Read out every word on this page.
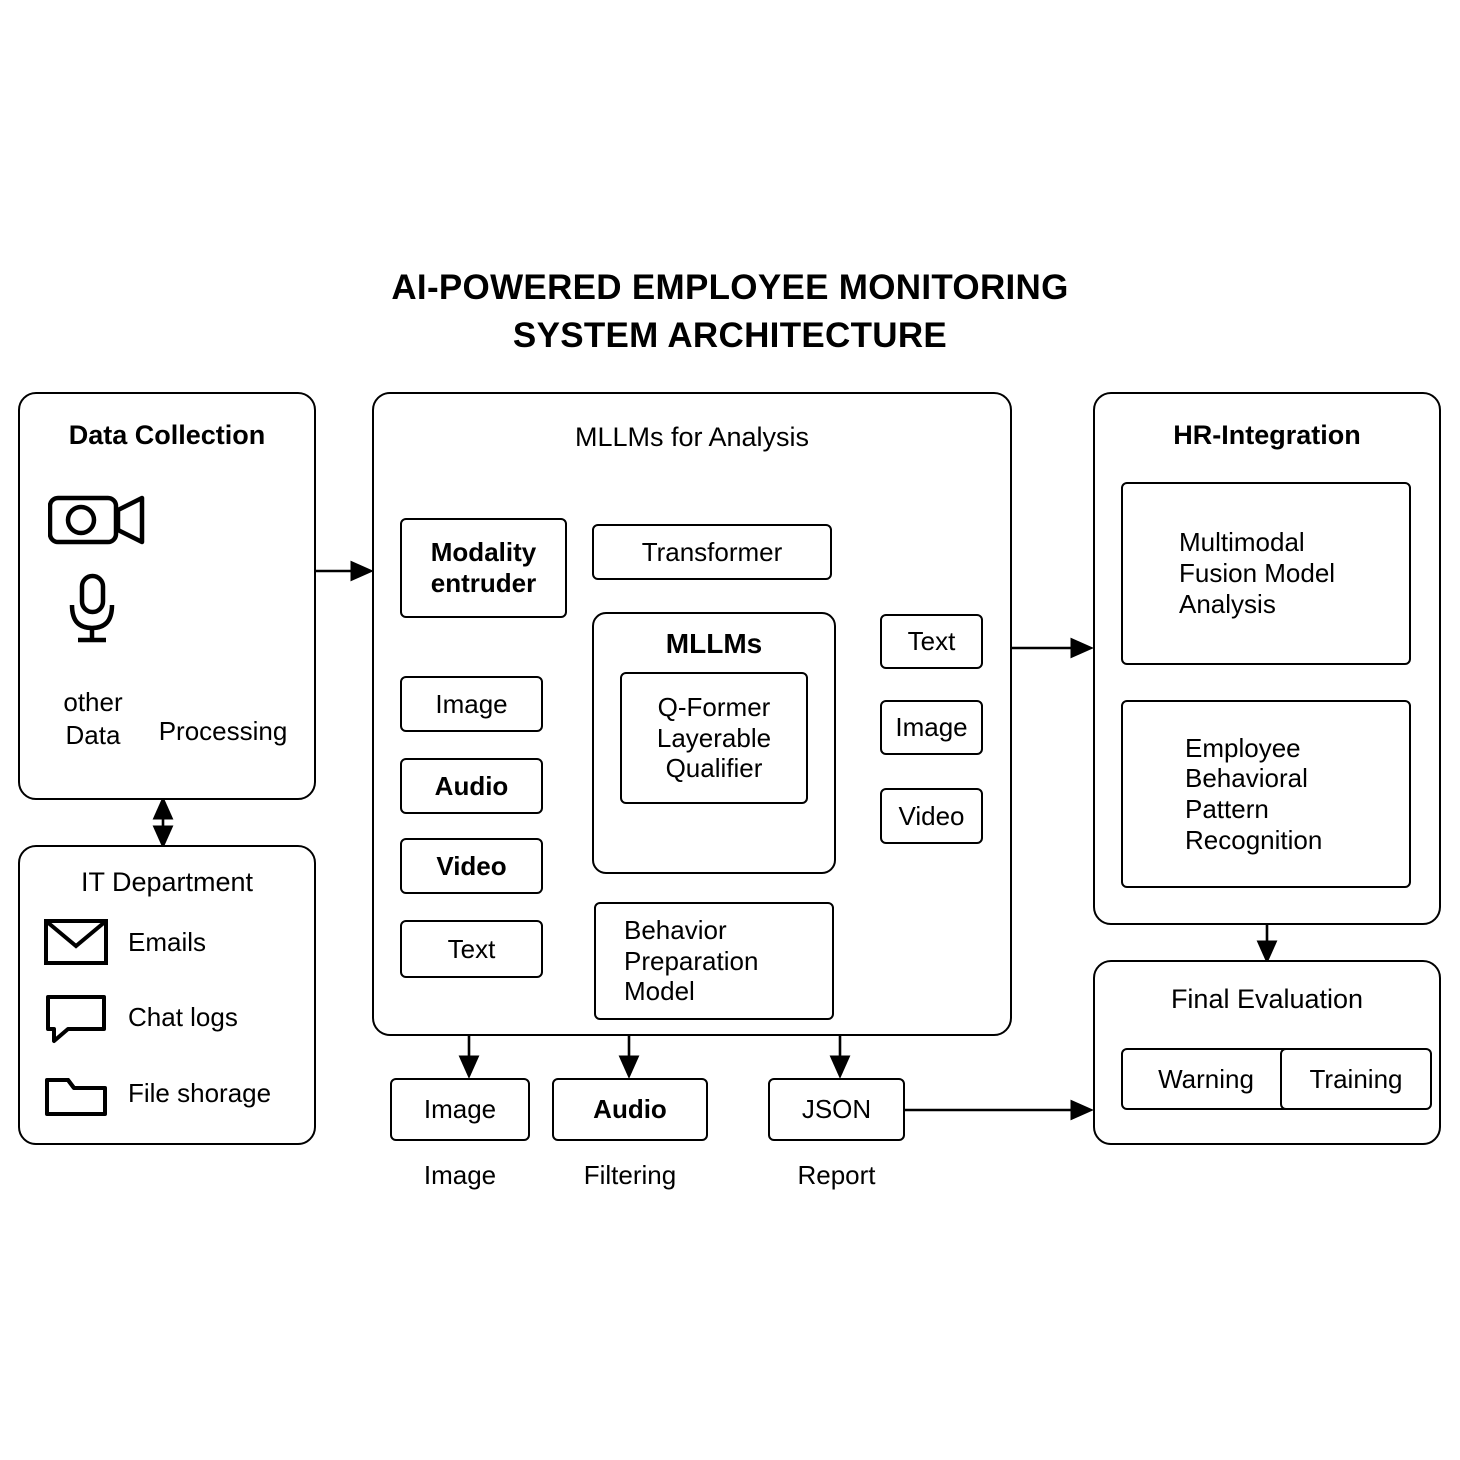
AI-POWERED EMPLOYEE MONITORING
SYSTEM ARCHITECTURE
Data Collection
other
Data	Processing
IT Department
Emails
Chat logs
File shorage
MLLMs for Analysis
Modality
entruder
Transformer
MLLMs
Q-Former
Layerable
Qualifier
Image
Audio
Video
Text
Text
Image
Video
Behavior
Preparation
Model
Image
Image
Audio
Filtering
JSON
Report
HR-Integration
Multimodal
Fusion Model
Analysis
Employee
Behavioral
Pattern
Recognition
Final Evaluation
Warning	Training
